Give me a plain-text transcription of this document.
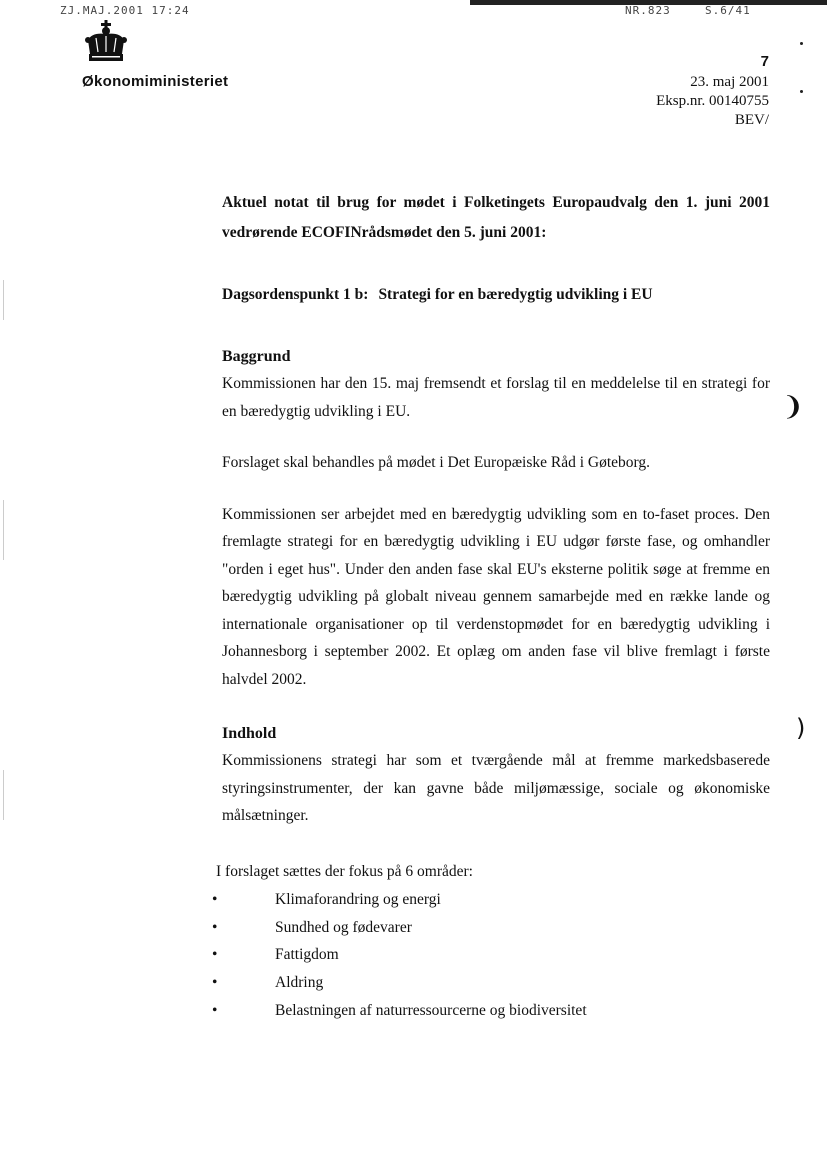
ZJ.MAJ.2001 17:24	NR.823	S.6/41
Økonomiministeriet
7
23. maj 2001
Eksp.nr. 00140755
BEV/

Aktuel notat til brug for mødet i Folketingets Europaudvalg den 1. juni 2001 vedrørende ECOFINrådsmødet den 5. juni 2001:

Dagsordenspunkt 1 b: Strategi for en bæredygtig udvikling i EU

Baggrund

Kommissionen har den 15. maj fremsendt et forslag til en meddelelse til en strategi for en bæredygtig udvikling i EU.

Forslaget skal behandles på mødet i Det Europæiske Råd i Gøteborg.

Kommissionen ser arbejdet med en bæredygtig udvikling som en to-faset proces. Den fremlagte strategi for en bæredygtig udvikling i EU udgør første fase, og omhandler "orden i eget hus". Under den anden fase skal EU's eksterne politik søge at fremme en bæredygtig udvikling på globalt niveau gennem samarbejde med en række lande og internationale organisationer op til verdenstopmødet for en bæredygtig udvikling i Johannesborg i september 2002. Et oplæg om anden fase vil blive fremlagt i første halvdel 2002.

Indhold

Kommissionens strategi har som et tværgående mål at fremme markedsbaserede styringsinstrumenter, der kan gavne både miljømæssige, sociale og økonomiske målsætninger.

I forslaget sættes der fokus på 6 områder:
•	Klimaforandring og energi
•	Sundhed og fødevarer
•	Fattigdom
•	Aldring
•	Belastningen af naturressourcerne og biodiversitet
❩
)
